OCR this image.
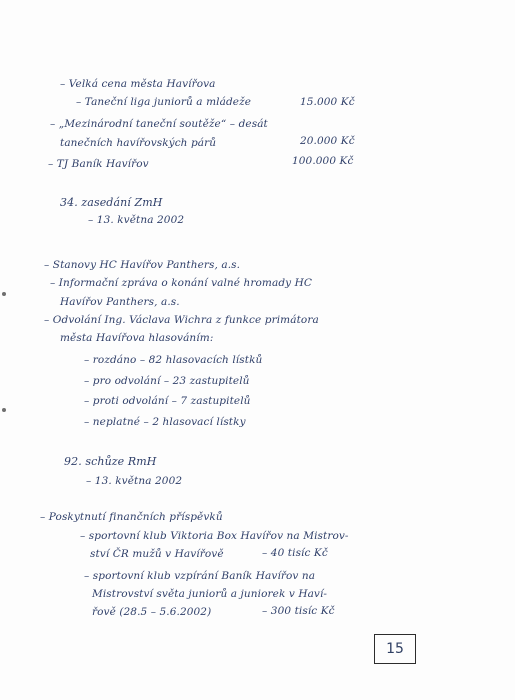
– Velká cena města Havířova
– Taneční liga juniorů a mládeže	15.000 Kč
– „Mezinárodní taneční soutěže“ – desát
tanečních havířovských párů	20.000 Kč
– TJ Baník Havířov	100.000 Kč
34. zasedání ZmH
– 13. května 2002
– Stanovy HC Havířov Panthers, a.s.
– Informační zpráva o konání valné hromady HC
Havířov Panthers, a.s.
– Odvolání Ing. Václava Wichra z funkce primátora
města Havířova hlasováním:
– rozdáno – 82 hlasovacích lístků
– pro odvolání – 23 zastupitelů
– proti odvolání – 7 zastupitelů
– neplatné – 2 hlasovací lístky
92. schůze RmH
– 13. května 2002
– Poskytnutí finančních příspěvků
– sportovní klub Viktoria Box Havířov na Mistrov-
ství ČR mužů v Havířově	– 40 tisíc Kč
– sportovní klub vzpírání Baník Havířov na
Mistrovství světa juniorů a juniorek v Haví-
řově (28.5 – 5.6.2002)	– 300 tisíc Kč
15
